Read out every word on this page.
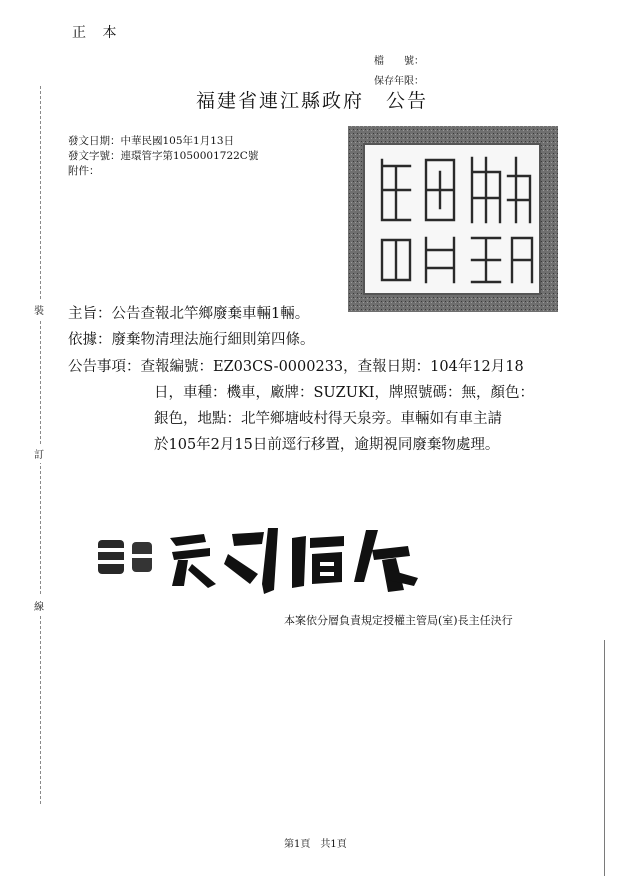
正 本
檔　　號：
保存年限：
福建省連江縣政府 公告
發文日期：中華民國105年1月13日
發文字號：連環管字第1050001722C號
附件：
裝
訂
線
主旨：公告查報北竿鄉廢棄車輛1輛。
依據：廢棄物清理法施行細則第四條。
公告事項：查報編號：EZ03CS-0000233，查報日期：104年12月18
日，車種：機車，廠牌：SUZUKI，牌照號碼：無，顏色：
銀色，地點：北竿鄉塘岐村得天泉旁。車輛如有車主請
於105年2月15日前逕行移置，逾期視同廢棄物處理。
本案依分層負責規定授權主管局(室)長主任決行
第1頁　共1頁
